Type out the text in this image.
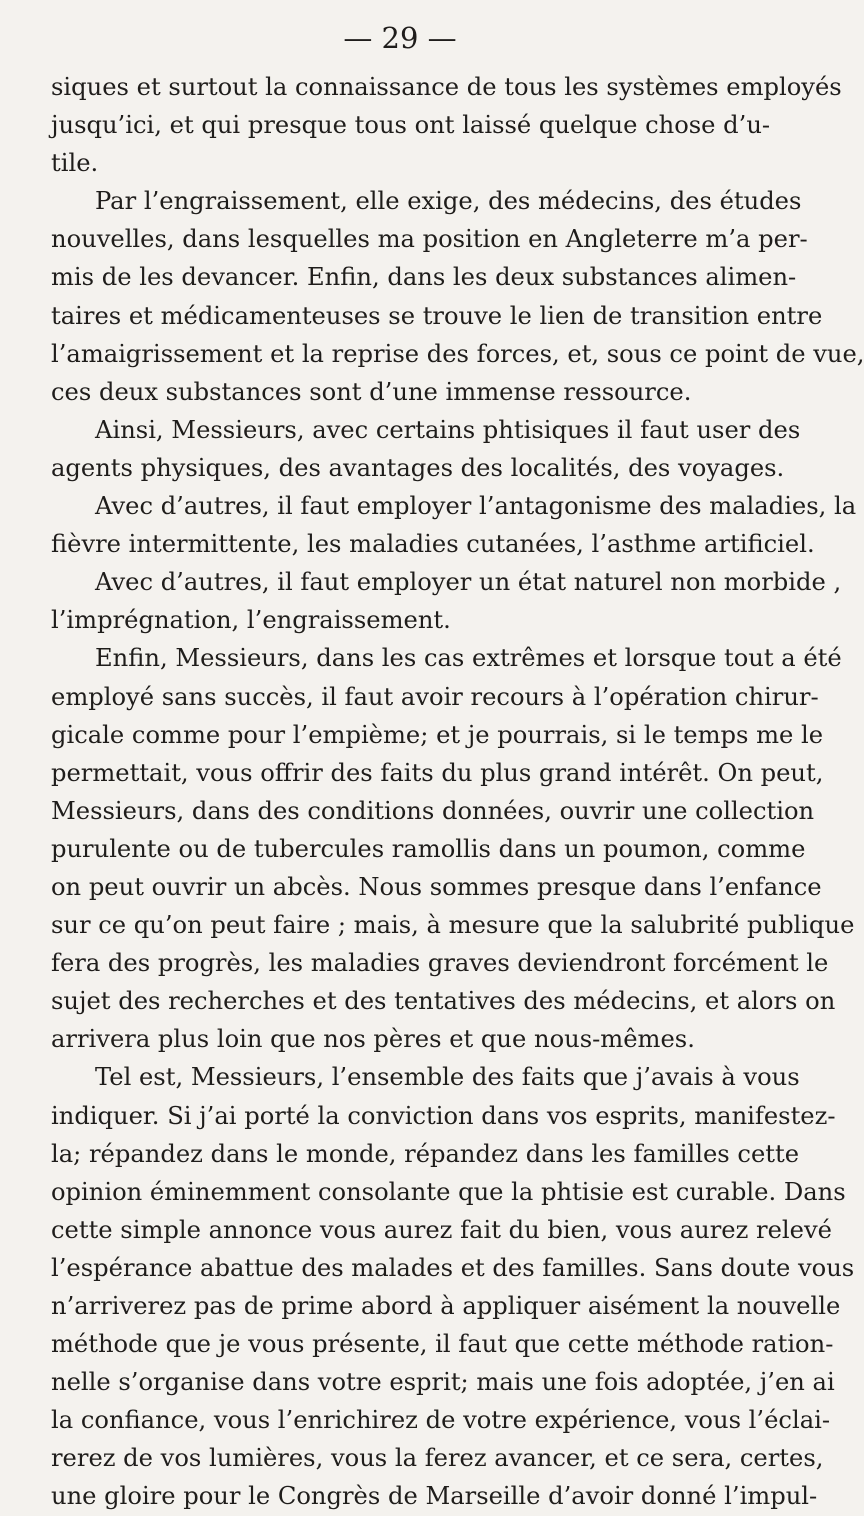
— 29 —
siques et surtout la connaissance de tous les systèmes employés
jusqu’ici, et qui presque tous ont laissé quelque chose d’u-
tile.
Par l’engraissement, elle exige, des médecins, des études
nouvelles, dans lesquelles ma position en Angleterre m’a per-
mis de les devancer. Enfin, dans les deux substances alimen-
taires et médicamenteuses se trouve le lien de transition entre
l’amaigrissement et la reprise des forces, et, sous ce point de vue,
ces deux substances sont d’une immense ressource.
Ainsi, Messieurs, avec certains phtisiques il faut user des
agents physiques, des avantages des localités, des voyages.
Avec d’autres, il faut employer l’antagonisme des maladies, la
fièvre intermittente, les maladies cutanées, l’asthme artificiel.
Avec d’autres, il faut employer un état naturel non morbide ,
l’imprégnation, l’engraissement.
Enfin, Messieurs, dans les cas extrêmes et lorsque tout a été
employé sans succès, il faut avoir recours à l’opération chirur-
gicale comme pour l’empième; et je pourrais, si le temps me le
permettait, vous offrir des faits du plus grand intérêt. On peut,
Messieurs, dans des conditions données, ouvrir une collection
purulente ou de tubercules ramollis dans un poumon, comme
on peut ouvrir un abcès. Nous sommes presque dans l’enfance
sur ce qu’on peut faire ; mais, à mesure que la salubrité publique
fera des progrès, les maladies graves deviendront forcément le
sujet des recherches et des tentatives des médecins, et alors on
arrivera plus loin que nos pères et que nous-mêmes.
Tel est, Messieurs, l’ensemble des faits que j’avais à vous
indiquer. Si j’ai porté la conviction dans vos esprits, manifestez-
la; répandez dans le monde, répandez dans les familles cette
opinion éminemment consolante que la phtisie est curable. Dans
cette simple annonce vous aurez fait du bien, vous aurez relevé
l’espérance abattue des malades et des familles. Sans doute vous
n’arriverez pas de prime abord à appliquer aisément la nouvelle
méthode que je vous présente, il faut que cette méthode ration-
nelle s’organise dans votre esprit; mais une fois adoptée, j’en ai
la confiance, vous l’enrichirez de votre expérience, vous l’éclai-
rerez de vos lumières, vous la ferez avancer, et ce sera, certes,
une gloire pour le Congrès de Marseille d’avoir donné l’impul-
